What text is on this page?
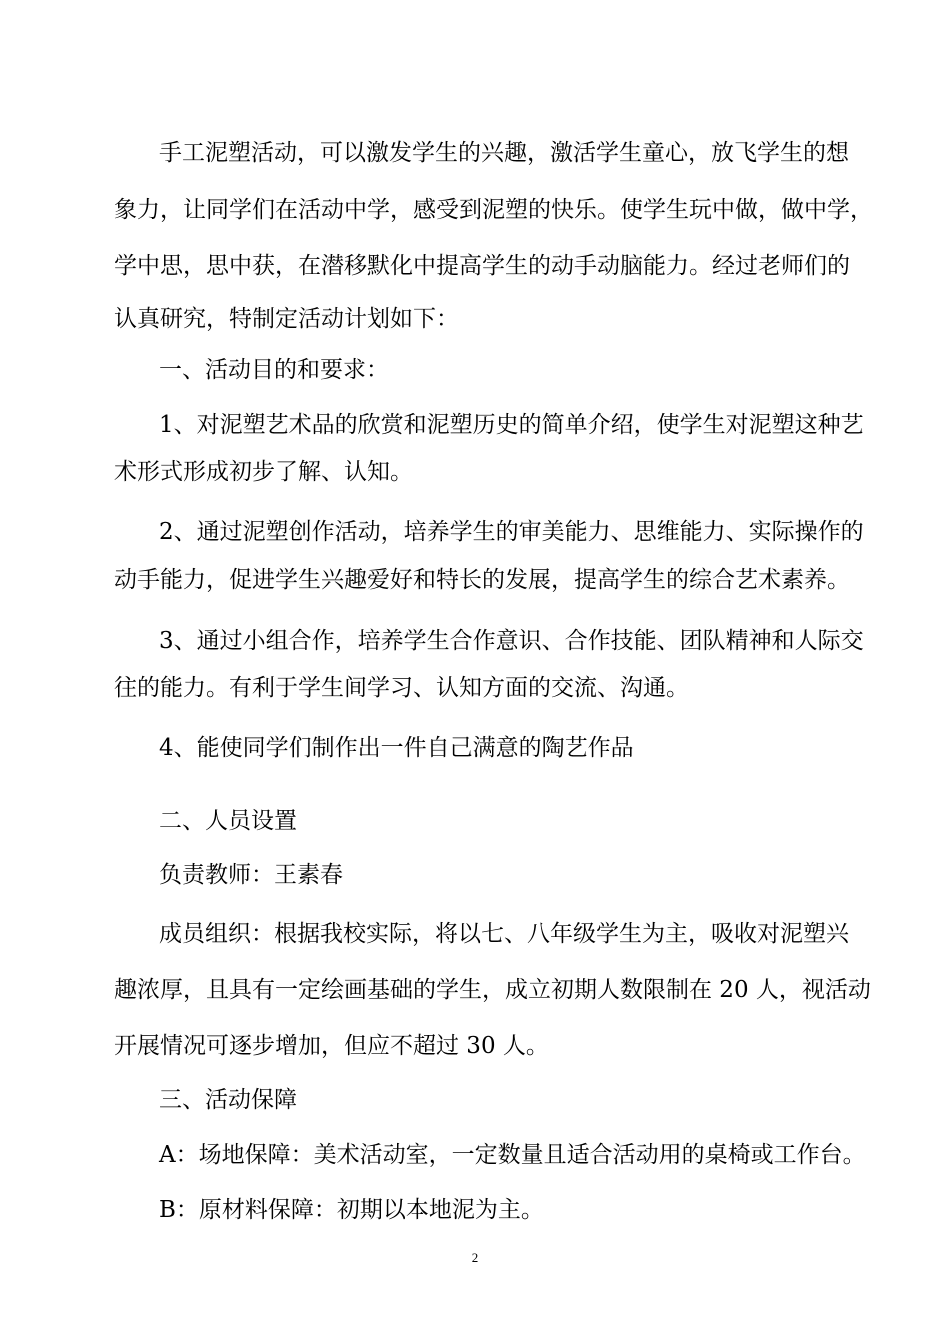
手工泥塑活动，可以激发学生的兴趣，激活学生童心，放飞学生的想

象力，让同学们在活动中学，感受到泥塑的快乐。使学生玩中做，做中学，

学中思，思中获，在潜移默化中提高学生的动手动脑能力。经过老师们的

认真研究，特制定活动计划如下：

一、活动目的和要求：

1、对泥塑艺术品的欣赏和泥塑历史的简单介绍，使学生对泥塑这种艺

术形式形成初步了解、认知。

2、通过泥塑创作活动，培养学生的审美能力、思维能力、实际操作的

动手能力，促进学生兴趣爱好和特长的发展，提高学生的综合艺术素养。

3、通过小组合作，培养学生合作意识、合作技能、团队精神和人际交

往的能力。有利于学生间学习、认知方面的交流、沟通。

4、能使同学们制作出一件自己满意的陶艺作品

二、人员设置

负责教师：王素春

成员组织：根据我校实际，将以七、八年级学生为主，吸收对泥塑兴

趣浓厚，且具有一定绘画基础的学生，成立初期人数限制在 20 人，视活动

开展情况可逐步增加，但应不超过 30 人。

三、活动保障

A：场地保障：美术活动室，一定数量且适合活动用的桌椅或工作台。

B：原材料保障：初期以本地泥为主。

2
